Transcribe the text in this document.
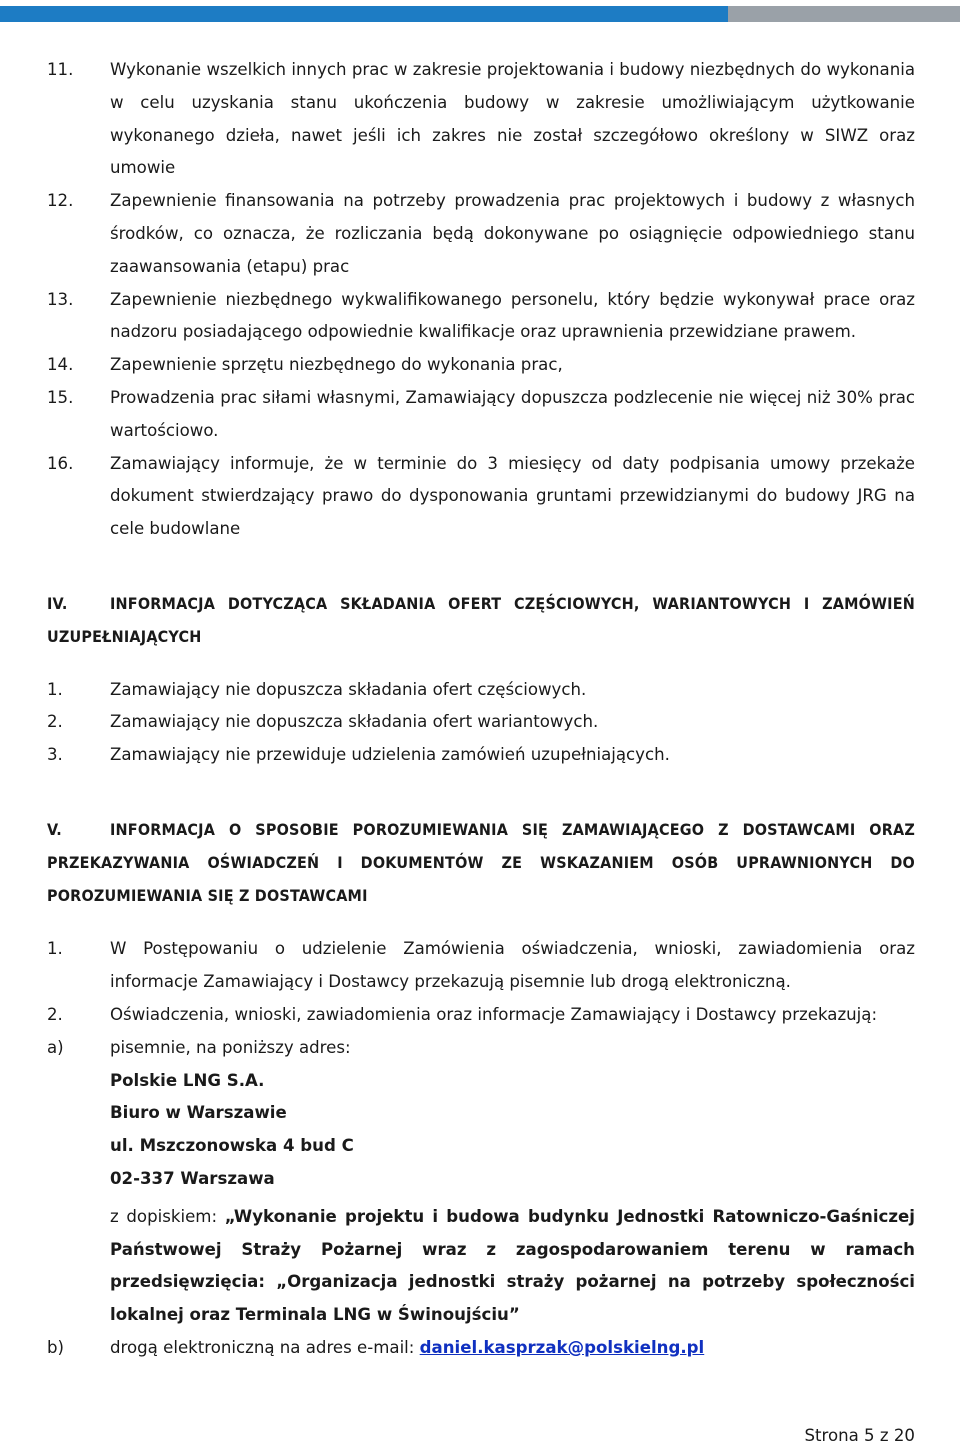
11.	Wykonanie wszelkich innych prac w zakresie projektowania i budowy niezbędnych do wykonania w celu uzyskania stanu ukończenia budowy w zakresie umożliwiającym użytkowanie wykonanego dzieła, nawet jeśli ich zakres nie został szczegółowo określony w SIWZ oraz umowie
12.	Zapewnienie finansowania na potrzeby prowadzenia prac projektowych i budowy z własnych środków, co oznacza, że rozliczania będą dokonywane po osiągnięcie odpowiedniego stanu zaawansowania (etapu) prac
13.	Zapewnienie niezbędnego wykwalifikowanego personelu, który będzie wykonywał prace oraz nadzoru posiadającego odpowiednie kwalifikacje oraz uprawnienia przewidziane prawem.
14.	Zapewnienie sprzętu niezbędnego do wykonania prac,
15.	Prowadzenia prac siłami własnymi, Zamawiający dopuszcza podzlecenie nie więcej niż 30% prac wartościowo.
16.	Zamawiający informuje, że w terminie do 3 miesięcy od daty podpisania umowy przekaże dokument stwierdzający prawo do dysponowania gruntami przewidzianymi do budowy JRG na cele budowlane
IV.	INFORMACJA DOTYCZĄCA SKŁADANIA OFERT CZĘŚCIOWYCH, WARIANTOWYCH I ZAMÓWIEŃ UZUPEŁNIAJĄCYCH
1.	Zamawiający nie dopuszcza składania ofert częściowych.
2.	Zamawiający nie dopuszcza składania ofert wariantowych.
3.	Zamawiający nie przewiduje udzielenia zamówień uzupełniających.
V.	INFORMACJA O SPOSOBIE POROZUMIEWANIA SIĘ ZAMAWIAJĄCEGO Z DOSTAWCAMI ORAZ PRZEKAZYWANIA OŚWIADCZEŃ I DOKUMENTÓW ZE WSKAZANIEM OSÓB UPRAWNIONYCH DO POROZUMIEWANIA SIĘ Z DOSTAWCAMI
1.	W Postępowaniu o udzielenie Zamówienia oświadczenia, wnioski, zawiadomienia oraz informacje Zamawiający i Dostawcy przekazują pisemnie lub drogą elektroniczną.
2.	Oświadczenia, wnioski, zawiadomienia oraz informacje Zamawiający i Dostawcy przekazują:
a)	pisemnie, na poniższy adres:
Polskie LNG S.A.
Biuro w Warszawie
ul. Mszczonowska 4 bud C
02-337 Warszawa
z dopiskiem: „Wykonanie projektu i budowa budynku Jednostki Ratowniczo-Gaśniczej Państwowej Straży Pożarnej wraz z zagospodarowaniem terenu w ramach przedsięwzięcia: „Organizacja jednostki straży pożarnej na potrzeby społeczności lokalnej oraz Terminala LNG w Świnoujściu”
b)	drogą elektroniczną na adres e-mail: daniel.kasprzak@polskielng.pl
Strona 5 z 20
